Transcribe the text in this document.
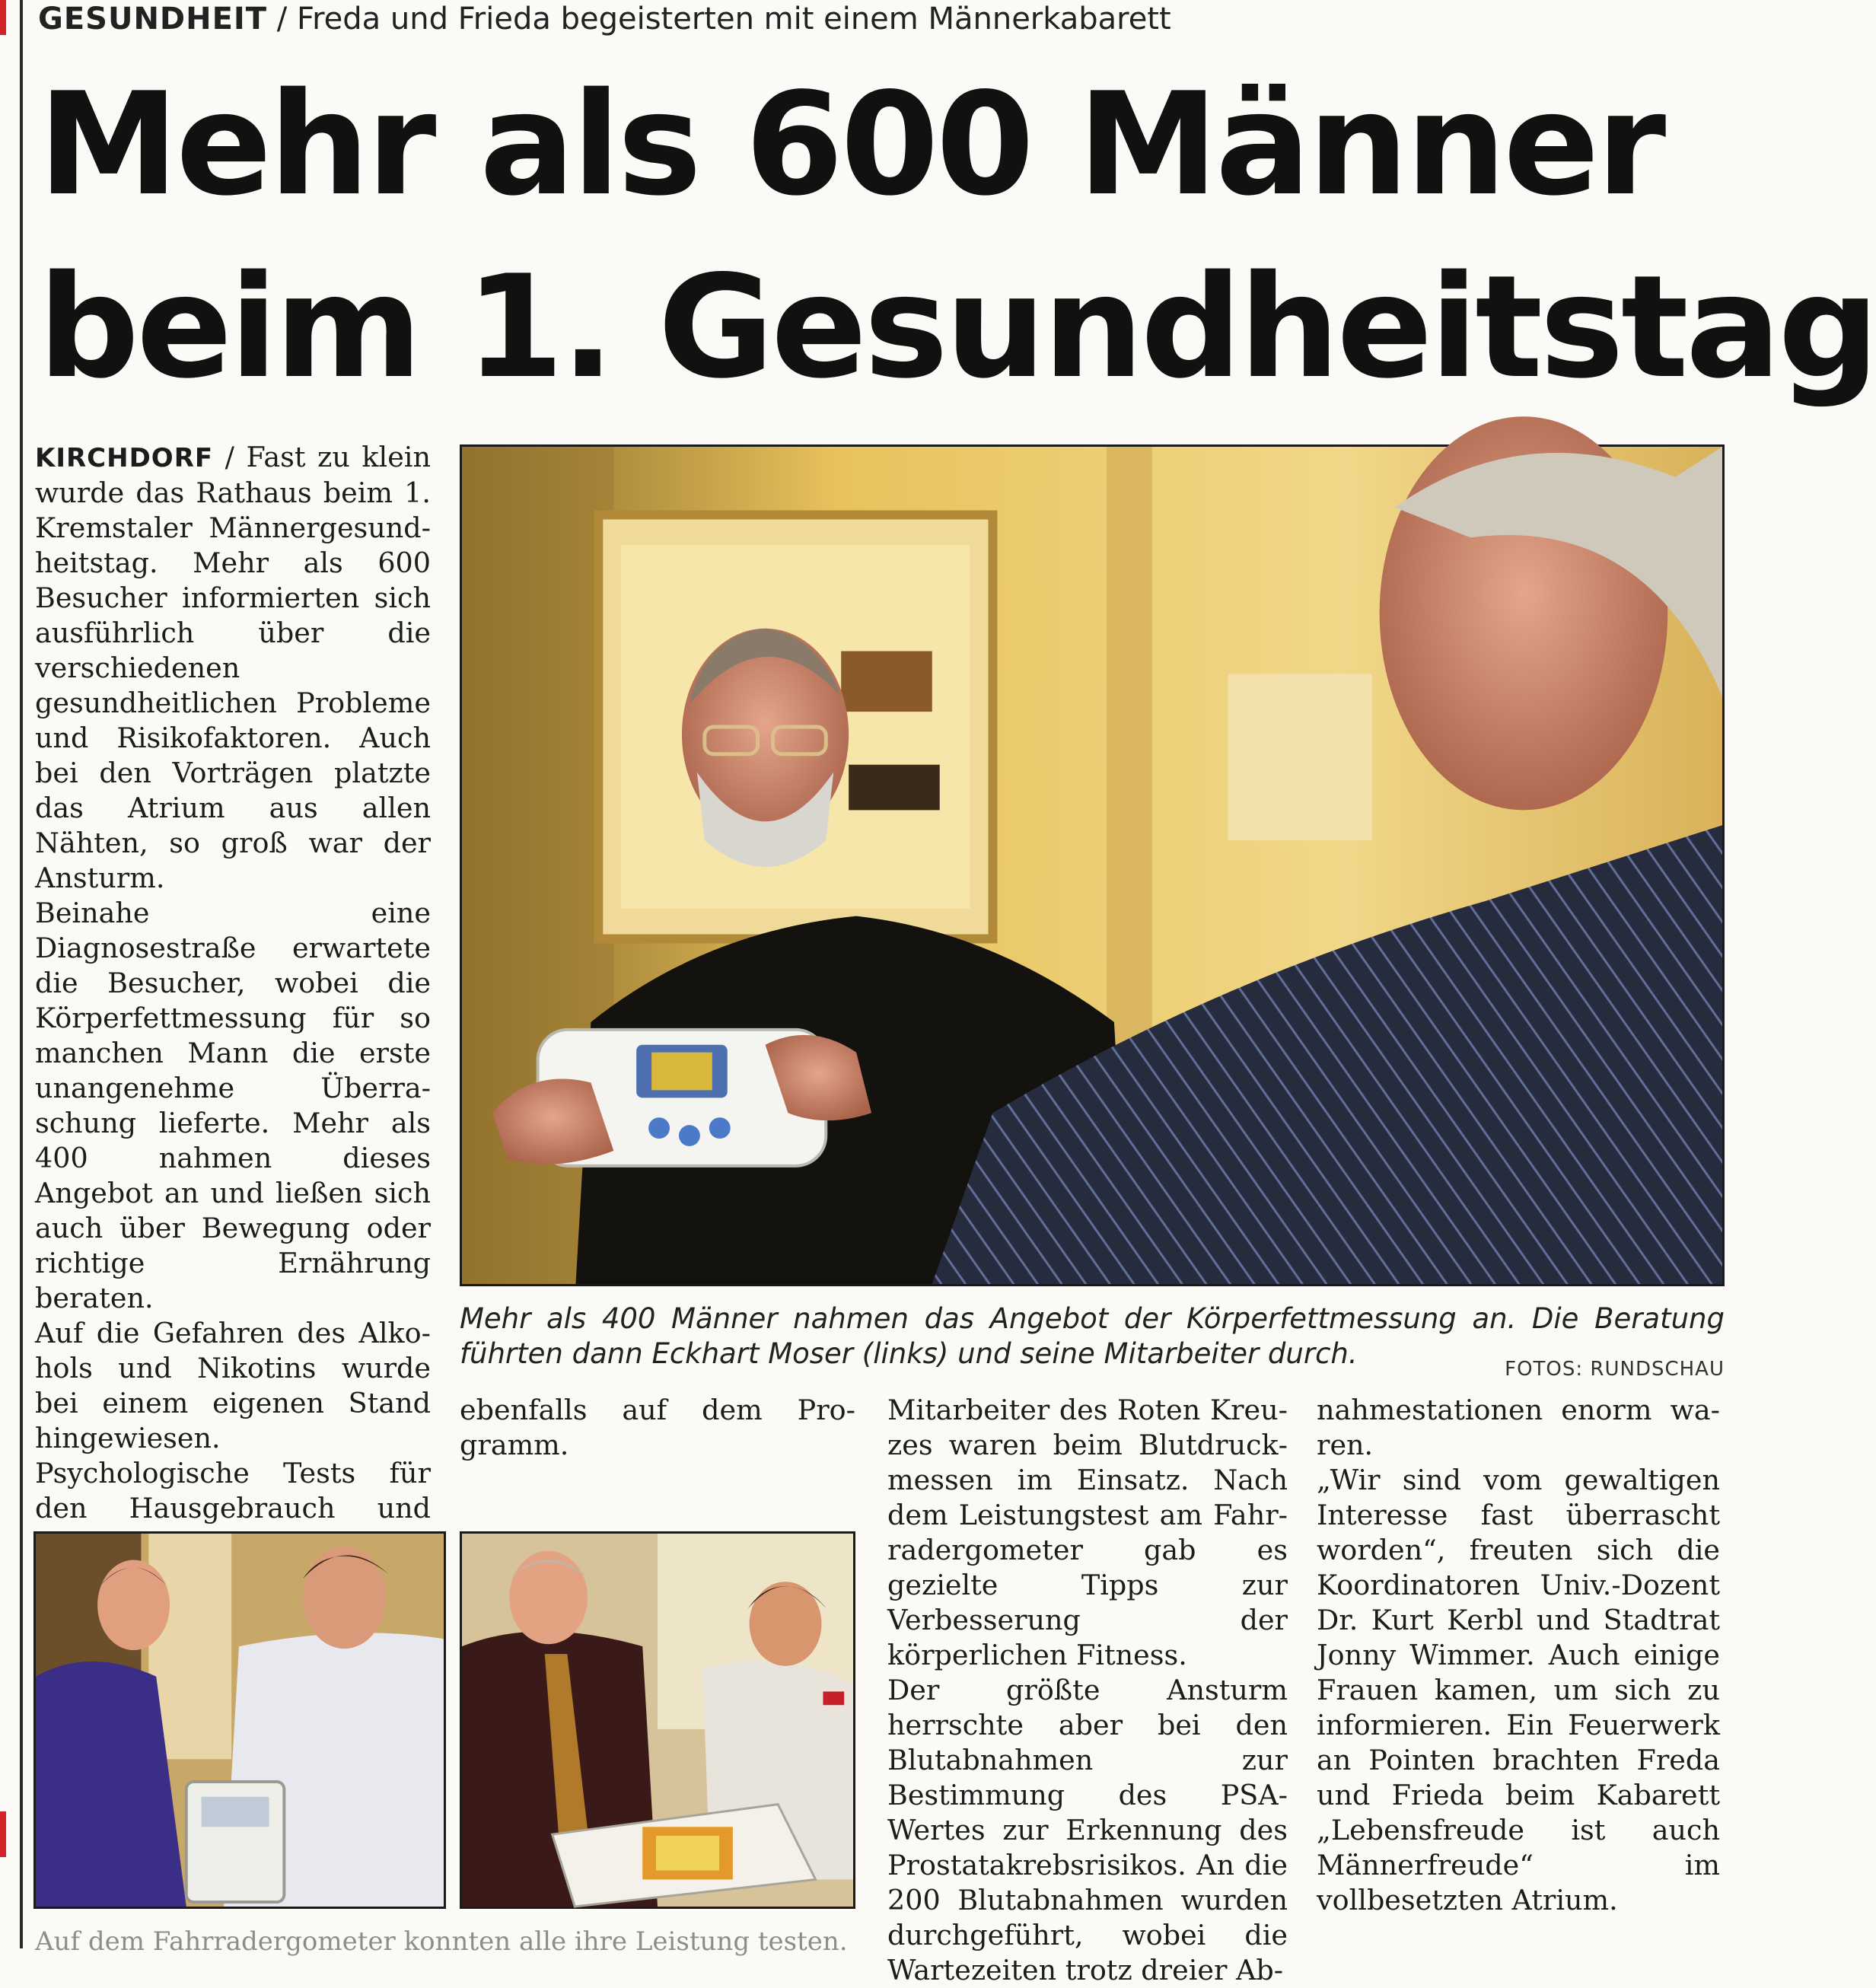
GESUNDHEIT / Freda und Frieda begeisterten mit einem Männerkabarett
Mehr als 600 Männer
beim 1. Gesundheitstag

KIRCHDORF / Fast zu klein wurde das Rathaus beim 1. Kremstaler Männergesundheitstag. Mehr als 600 Besucher informierten sich ausführlich über die verschiedenen gesundheitlichen Probleme und Risikofaktoren. Auch bei den Vorträgen platzte das Atrium aus allen Nähten, so groß war der Ansturm.

Beinahe eine Diagnosestraße erwartete die Besucher, wobei die Körperfettmessung für so manchen Mann die erste unangenehme Überraschung lieferte. Mehr als 400 nahmen dieses Angebot an und ließen sich auch über Bewegung oder richtige Ernährung beraten.

Auf die Gefahren des Alkohols und Nikotins wurde bei einem eigenen Stand hingewiesen. Psychologische Tests für den Hausgebrauch und

Mehr als 400 Männer nahmen das Angebot der Körperfettmessung an. Die Beratung führten dann Eckhart Moser (links) und seine Mitarbeiter durch.	FOTOS: RUNDSCHAU

ebenfalls auf dem Programm.

Mitarbeiter des Roten Kreuzes waren beim Blutdruckmessen im Einsatz. Nach dem Leistungstest am Fahrradergometer gab es gezielte Tipps zur Verbesserung der körperlichen Fitness.

Der größte Ansturm herrschte aber bei den Blutabnahmen zur Bestimmung des PSA-Wertes zur Erkennung des Prostatakrebsrisikos. An die 200 Blutabnahmen wurden durchgeführt, wobei die Wartezeiten trotz dreier Ab-

nahmestationen enorm waren.

„Wir sind vom gewaltigen Interesse fast überrascht worden“, freuten sich die Koordinatoren Univ.-Dozent Dr. Kurt Kerbl und Stadtrat Jonny Wimmer. Auch einige Frauen kamen, um sich zu informieren. Ein Feuerwerk an Pointen brachten Freda und Frieda beim Kabarett „Lebensfreude ist auch Männerfreude“ im vollbesetzten Atrium.

Auf dem Fahrradergometer konnten alle ihre Leistung testen.
